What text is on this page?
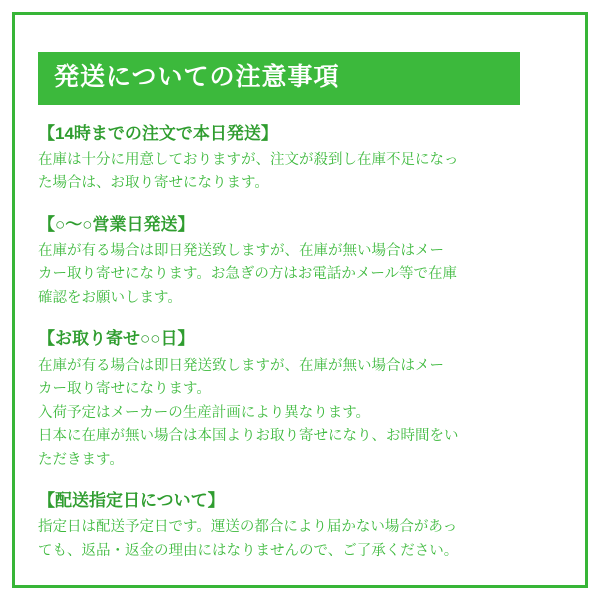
発送についての注意事項
【14時までの注文で本日発送】

在庫は十分に用意しておりますが、注文が殺到し在庫不足になっ

た場合は、お取り寄せになります。

【○〜○営業日発送】

在庫が有る場合は即日発送致しますが、在庫が無い場合はメー

カー取り寄せになります。お急ぎの方はお電話かメール等で在庫

確認をお願いします。

【お取り寄せ○○日】

在庫が有る場合は即日発送致しますが、在庫が無い場合はメー

カー取り寄せになります。

入荷予定はメーカーの生産計画により異なります。

日本に在庫が無い場合は本国よりお取り寄せになり、お時間をい

ただきます。

【配送指定日について】

指定日は配送予定日です。運送の都合により届かない場合があっ

ても、返品・返金の理由にはなりませんので、ご了承ください。
